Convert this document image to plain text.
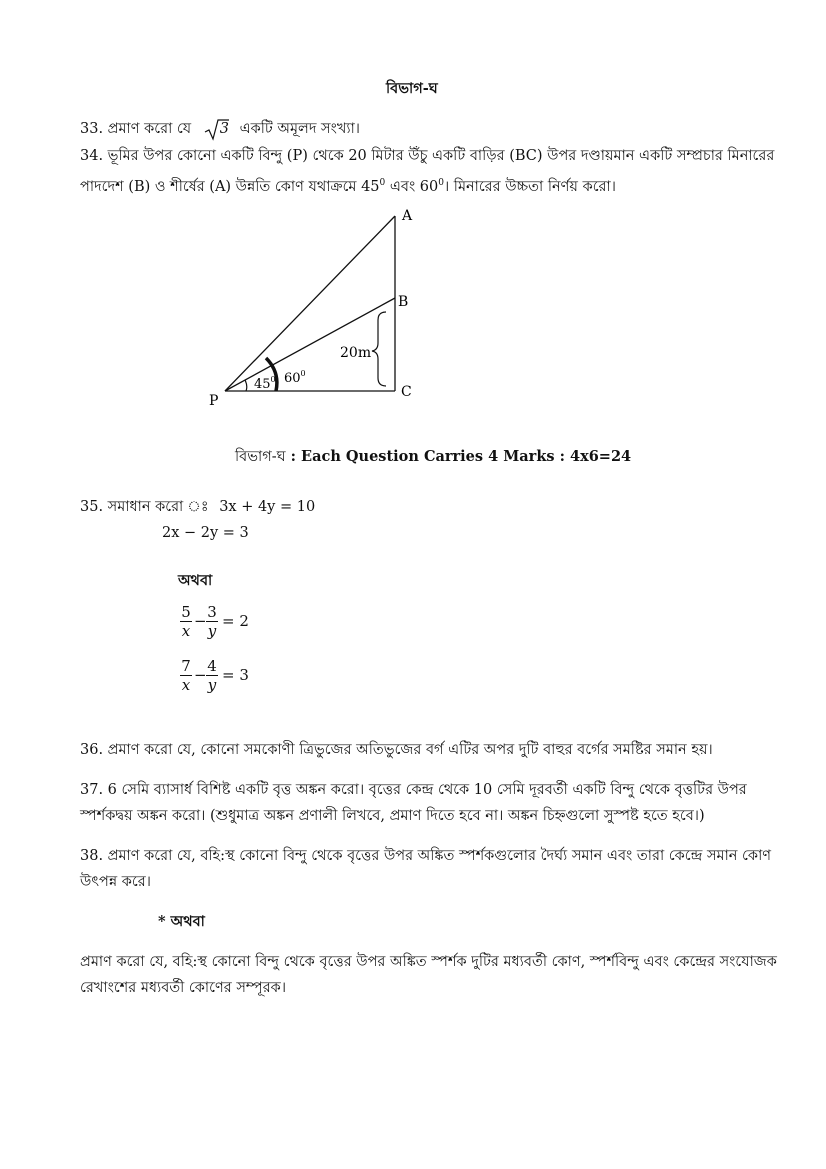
বিভাগ-ঘ
33. প্রমাণ করো যে 3 একটি অমূলদ সংখ্যা।
34. ভূমির উপর কোনো একটি বিন্দু (P) থেকে 20 মিটার উঁচু একটি বাড়ির (BC) উপর দণ্ডায়মান একটি সম্প্রচার মিনারের
পাদদেশ (B) ও শীর্ষের (A) উন্নতি কোণ যথাক্রমে $45^0$ এবং $60^0।$ মিনারের উচ্চতা নির্ণয় করো।
A
B
C
P
20m
$45^0$ $60^0$
বিভাগ-ঘ : Each Question Carries 4 Marks : 4x6=24
35. সমাধান করো ঃ 3x + 4y = 10
2x − 2y = 3
অথবা
$\frac{5}{x} - \frac{3}{y} = 2$
$\frac{7}{x} - \frac{4}{y} = 3$
36. প্রমাণ করো যে, কোনো সমকোণী ত্রিভুজের অতিভুজের বর্গ এটির অপর দুটি বাহুর বর্গের সমষ্টির সমান হয়।
37. 6 সেমি ব্যাসার্ধ বিশিষ্ট একটি বৃত্ত অঙ্কন করো। বৃত্তের কেন্দ্র থেকে 10 সেমি দূরবর্তী একটি বিন্দু থেকে বৃত্তটির উপর
স্পর্শকদ্বয় অঙ্কন করো। (শুধুমাত্র অঙ্কন প্রণালী লিখবে, প্রমাণ দিতে হবে না। অঙ্কন চিহ্নগুলো সুস্পষ্ট হতে হবে।)
38. প্রমাণ করো যে, বহি:স্থ কোনো বিন্দু থেকে বৃত্তের উপর অঙ্কিত স্পর্শকগুলোর দৈর্ঘ্য সমান এবং তারা কেন্দ্রে সমান কোণ
উৎপন্ন করে।
* অথবা
প্রমাণ করো যে, বহি:স্থ কোনো বিন্দু থেকে বৃত্তের উপর অঙ্কিত স্পর্শক দুটির মধ্যবর্তী কোণ, স্পর্শবিন্দু এবং কেন্দ্রের সংযোজক
রেখাংশের মধ্যবর্তী কোণের সম্পূরক।
